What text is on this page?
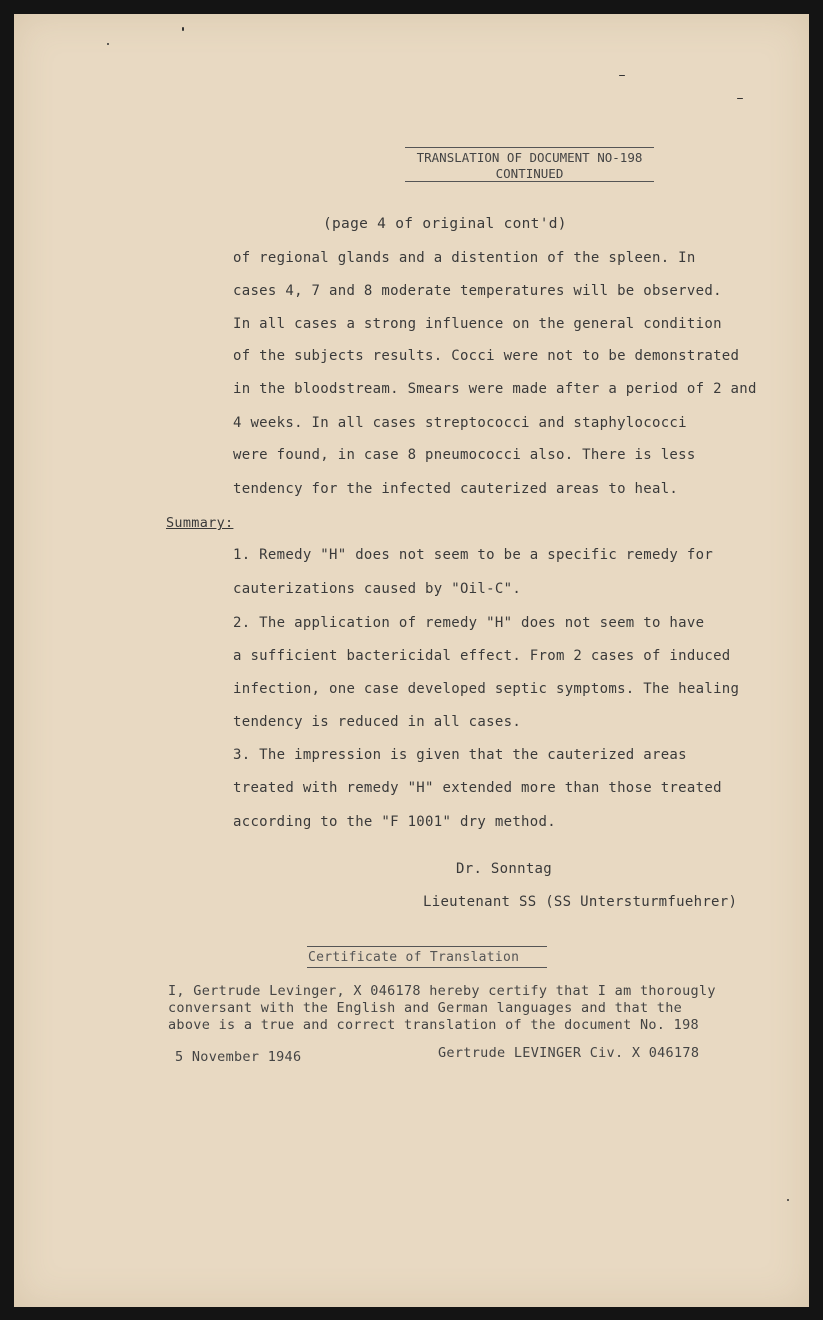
TRANSLATION OF DOCUMENT NO-198
CONTINUED
(page 4 of original cont'd)
of regional glands and a distention of the spleen. In
cases 4, 7 and 8 moderate temperatures will be observed.
In all cases a strong influence on the general condition
of the subjects results. Cocci were not to be demonstrated
in the bloodstream. Smears were made after a period of 2 and
4 weeks. In all cases streptococci and staphylococci
were found, in case 8 pneumococci also. There is less
tendency for the infected cauterized areas to heal.
Summary:
1. Remedy "H" does not seem to be a specific remedy for
cauterizations caused by "Oil-C".
2. The application of remedy "H" does not seem to have
a sufficient bactericidal effect. From 2 cases of induced
infection, one case developed septic symptoms. The healing
tendency is reduced in all cases.
3. The impression is given that the cauterized areas
treated with remedy "H" extended more than those treated
according to the "F 1001" dry method.
Dr. Sonntag
Lieutenant SS (SS Untersturmfuehrer)
Certificate of Translation
I, Gertrude Levinger, X 046178 hereby certify that I am thorougly
conversant with the English and German languages and that the
above is a true and correct translation of the document No. 198
5 November 1946	Gertrude LEVINGER Civ. X 046178
